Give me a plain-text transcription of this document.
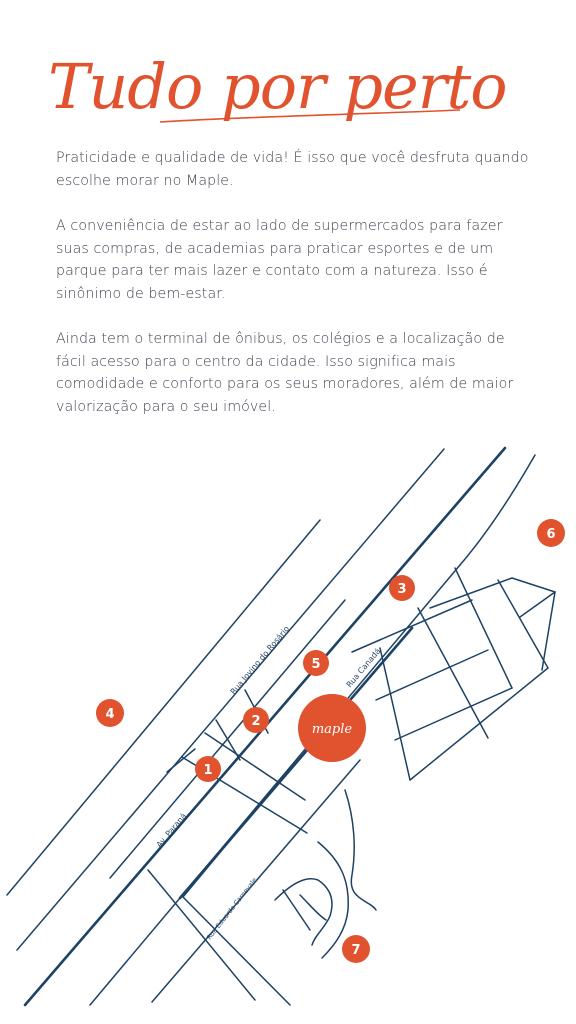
Tudo por perto

Praticidade e qualidade de vida! É isso que você desfruta quando escolhe morar no Maple.

A conveniência de estar ao lado de supermercados para fazer suas compras, de academias para praticar esportes e de um parque para ter mais lazer e contato com a natureza. Isso é sinônimo de bem-estar.

Ainda tem o terminal de ônibus, os colégios e a localização de fácil acesso para o centro da cidade. Isso significa mais comodidade e conforto para os seus moradores, além de maior valorização para o seu imóvel.

Rua Jovino do Rosário	Rua Canadá
Av. Paraná
Rua Eduardo Carnevale
maple
1
2
3
4
5
6
7
